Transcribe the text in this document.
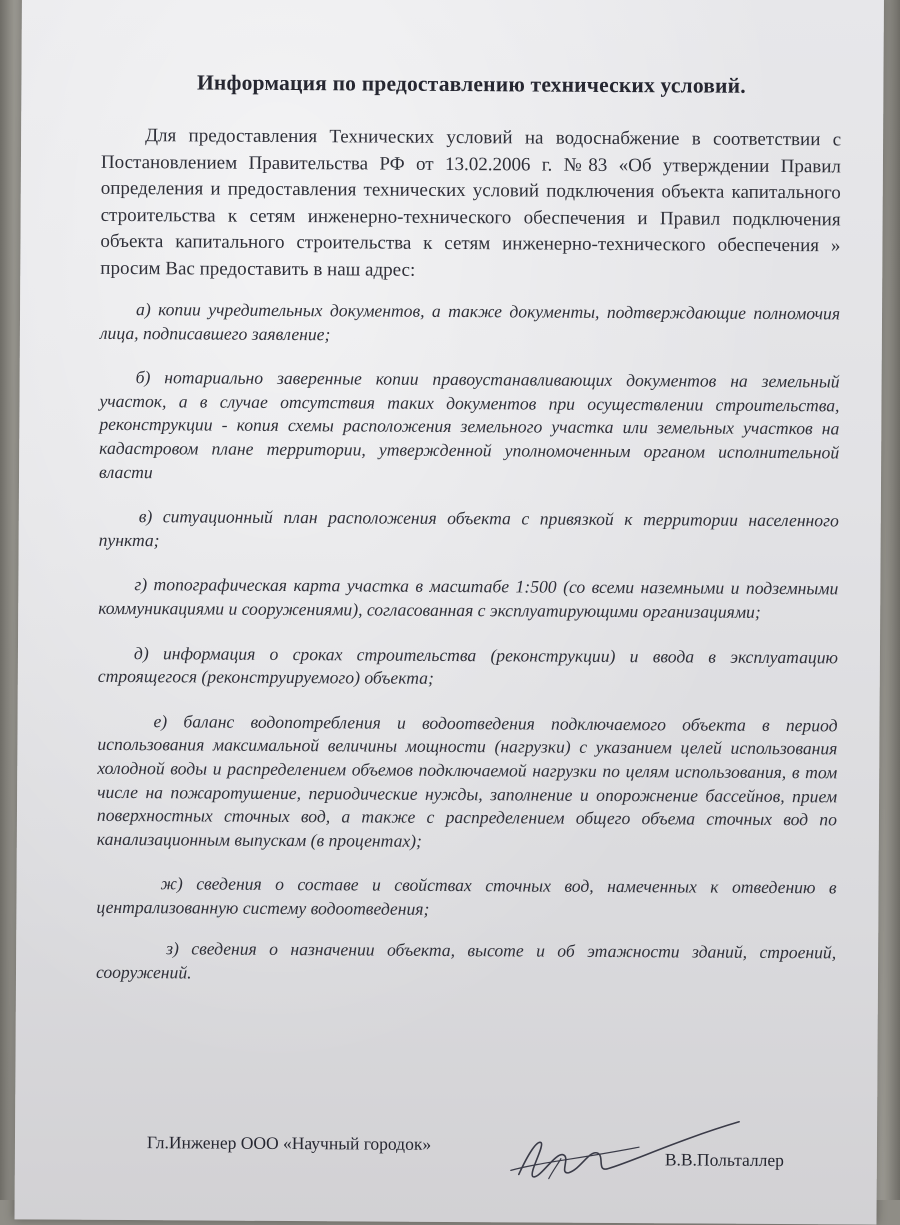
Информация по предоставлению технических условий.

Для предоставления Технических условий на водоснабжение в соответствии с Постановлением Правительства РФ от 13.02.2006 г. №83 «Об утверждении Правил определения и предоставления технических условий подключения объекта капитального строительства к сетям инженерно-технического обеспечения и Правил подключения объекта капитального строительства к сетям инженерно-технического обеспечения » просим Вас предоставить в наш адрес:

а) копии учредительных документов, а также документы, подтверждающие полномочия лица, подписавшего заявление;
б) нотариально заверенные копии правоустанавливающих документов на земельный участок, а в случае отсутствия таких документов при осуществлении строительства, реконструкции - копия схемы расположения земельного участка или земельных участков на кадастровом плане территории, утвержденной уполномоченным органом исполнительной власти
в) ситуационный план расположения объекта с привязкой к территории населенного пункта;
г) топографическая карта участка в масштабе 1:500 (со всеми наземными и подземными коммуникациями и сооружениями), согласованная с эксплуатирующими организациями;
д) информация о сроках строительства (реконструкции) и ввода в эксплуатацию строящегося (реконструируемого) объекта;
е) баланс водопотребления и водоотведения подключаемого объекта в период использования максимальной величины мощности (нагрузки) с указанием целей использования холодной воды и распределением объемов подключаемой нагрузки по целям использования, в том числе на пожаротушение, периодические нужды, заполнение и опорожнение бассейнов, прием поверхностных сточных вод, а также с распределением общего объема сточных вод по канализационным выпускам (в процентах);
ж) сведения о составе и свойствах сточных вод, намеченных к отведению в централизованную систему водоотведения;
з) сведения о назначении объекта, высоте и об этажности зданий, строений, сооружений.
Гл.Инженер ООО «Научный городок»
В.В.Польталлер
